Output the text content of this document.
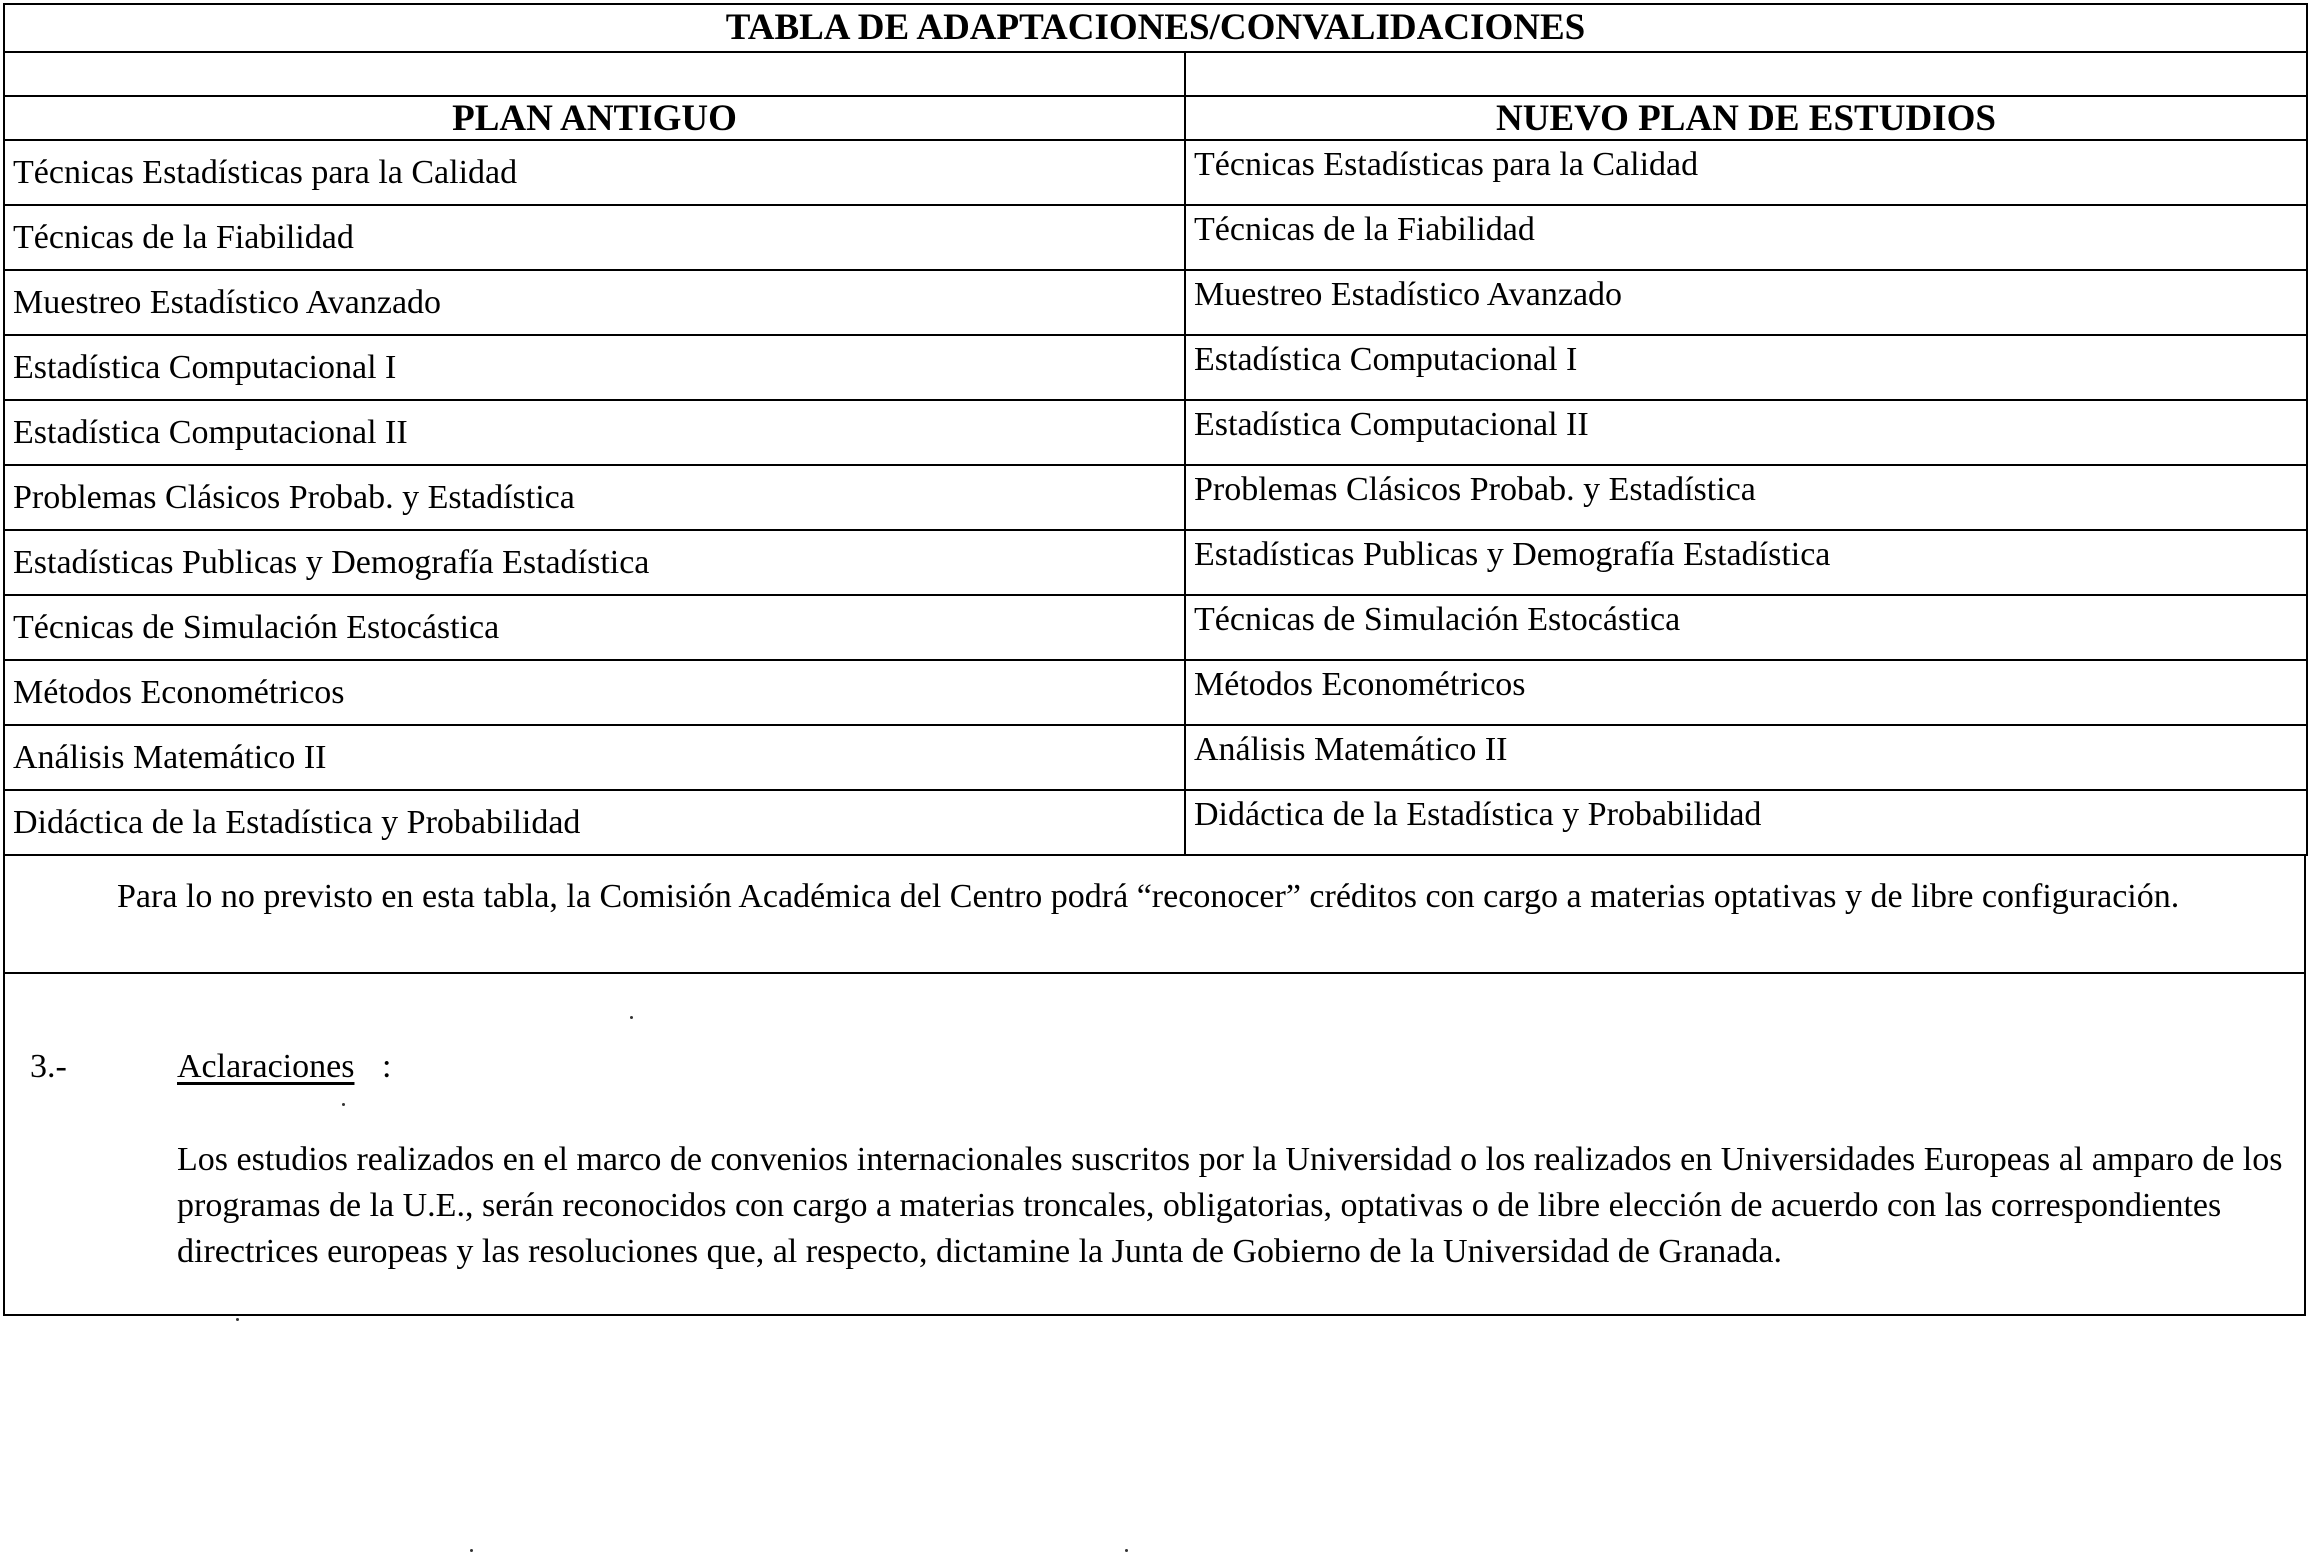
TABLA DE ADAPTACIONES/CONVALIDACIONES	

PLAN ANTIGUO	NUEVO PLAN DE ESTUDIOS
Técnicas Estadísticas para la Calidad	Técnicas Estadísticas para la Calidad
Técnicas de la Fiabilidad	Técnicas de la Fiabilidad
Muestreo Estadístico Avanzado	Muestreo Estadístico Avanzado
Estadística Computacional I	Estadística Computacional I
Estadística Computacional II	Estadística Computacional II
Problemas Clásicos Probab. y Estadística	Problemas Clásicos Probab. y Estadística
Estadísticas Publicas y Demografía Estadística	Estadísticas Publicas y Demografía Estadística
Técnicas de Simulación Estocástica	Técnicas de Simulación Estocástica
Métodos Econométricos	Métodos Econométricos
Análisis Matemático II	Análisis Matemático II
Didáctica de la Estadística y Probabilidad	Didáctica de la Estadística y Probabilidad
Para lo no previsto en esta tabla, la Comisión Académica del Centro podrá “reconocer” créditos con cargo a materias optativas y de libre configuración.
3.-	Aclaraciones :
Los estudios realizados en el marco de convenios internacionales suscritos por la Universidad o los realizados en Universidades Europeas al amparo de los programas de la U.E., serán reconocidos con cargo a materias troncales, obligatorias, optativas o de libre elección de acuerdo con las correspondientes directrices europeas y las resoluciones que, al respecto, dictamine la Junta de Gobierno de la Universidad de Granada.
